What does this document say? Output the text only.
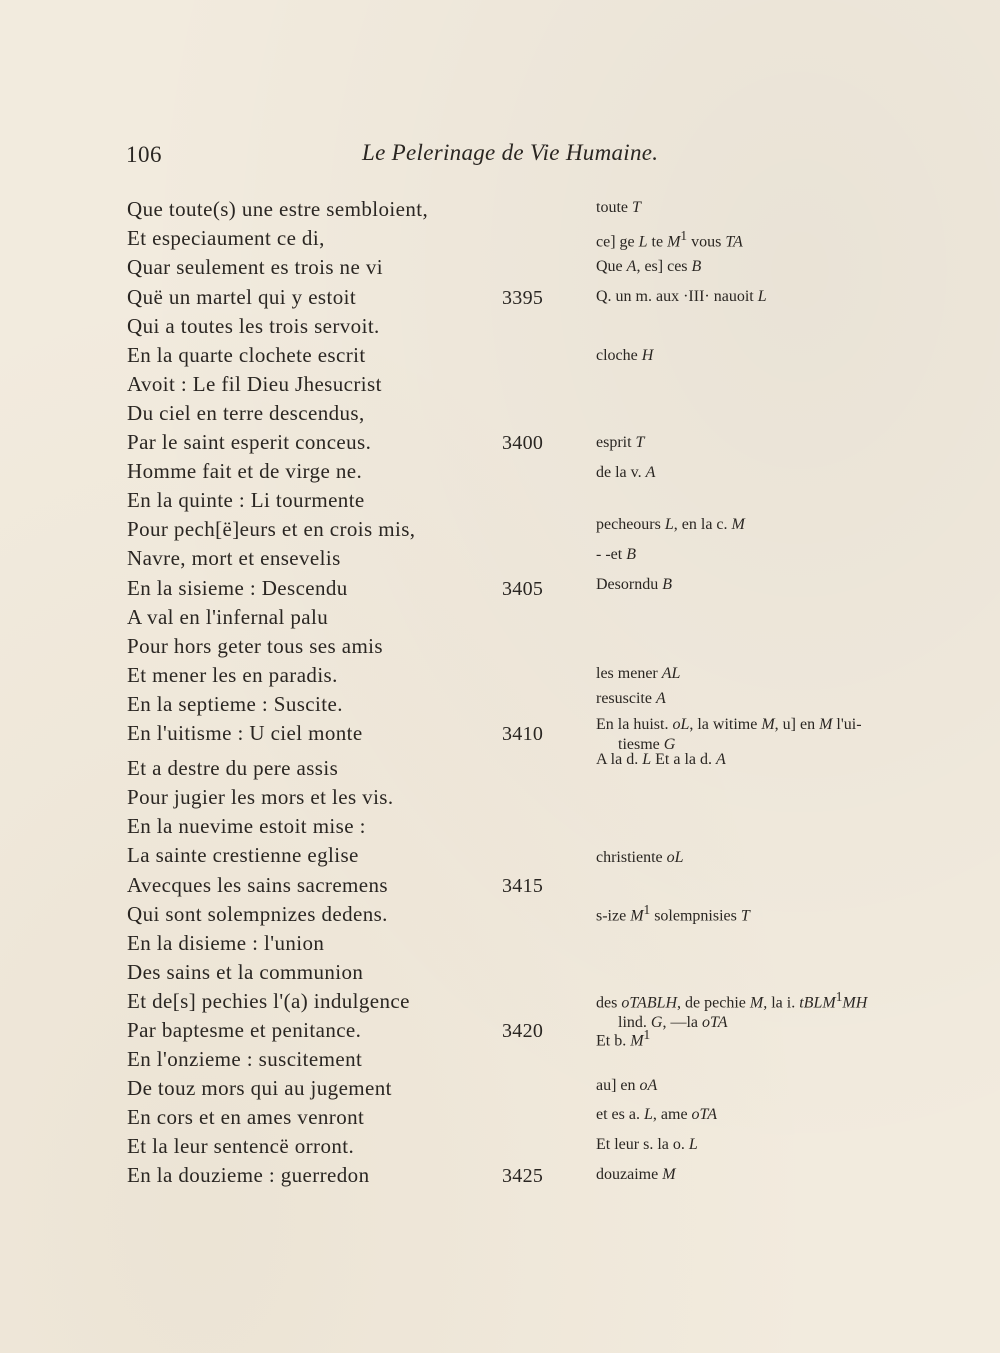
106	Le Pelerinage de Vie Humaine.
Que toute(s) une estre sembloient,
Et especiaument ce di,
Quar seulement es trois ne vi
Quë un martel qui y estoit
Qui a toutes les trois servoit.
En la quarte clochete escrit
Avoit : Le fil Dieu Jhesucrist
Du ciel en terre descendus,
Par le saint esperit conceus.
Homme fait et de virge ne.
En la quinte : Li tourmente
Pour pech[ë]eurs et en crois mis,
Navre, mort et ensevelis
En la sisieme : Descendu
A val en l'infernal palu
Pour hors geter tous ses amis
Et mener les en paradis.
En la septieme : Suscite.
En l'uitisme : U ciel monte
Et a destre du pere assis
Pour jugier les mors et les vis.
En la nuevime estoit mise :
La sainte crestienne eglise
Avecques les sains sacremens
Qui sont solempnizes dedens.
En la disieme : l'union
Des sains et la communion
Et de[s] pechies l'(a) indulgence
Par baptesme et penitance.
En l'onzieme : suscitement
De touz mors qui au jugement
En cors et en ames venront
Et la leur sentencë orront.
En la douzieme : guerredon
3395
3400
3405
3410
3415
3420
3425
toute T
ce] ge L te $M^1$ vous TA
Que A, es] ces B
Q. un m. aux ·III· nauoit L
cloche H
esprit T
de la v. A
pecheours L, en la c. M
- -et B
Desorndu B
les mener AL
resuscite A
En la huist. oL, la witime M, u] en M l'ui-
tiesme G
A la d. L Et a la d. A
christiente oL
s-ize $M^1$ solempnisies T
des oTABLH, de pechie M, la i. tBLM$^1$MH
lind. G, —la oTA
Et b. $M^1$
au] en oA
et es a. L, ame oTA
Et leur s. la o. L
douzaime M
